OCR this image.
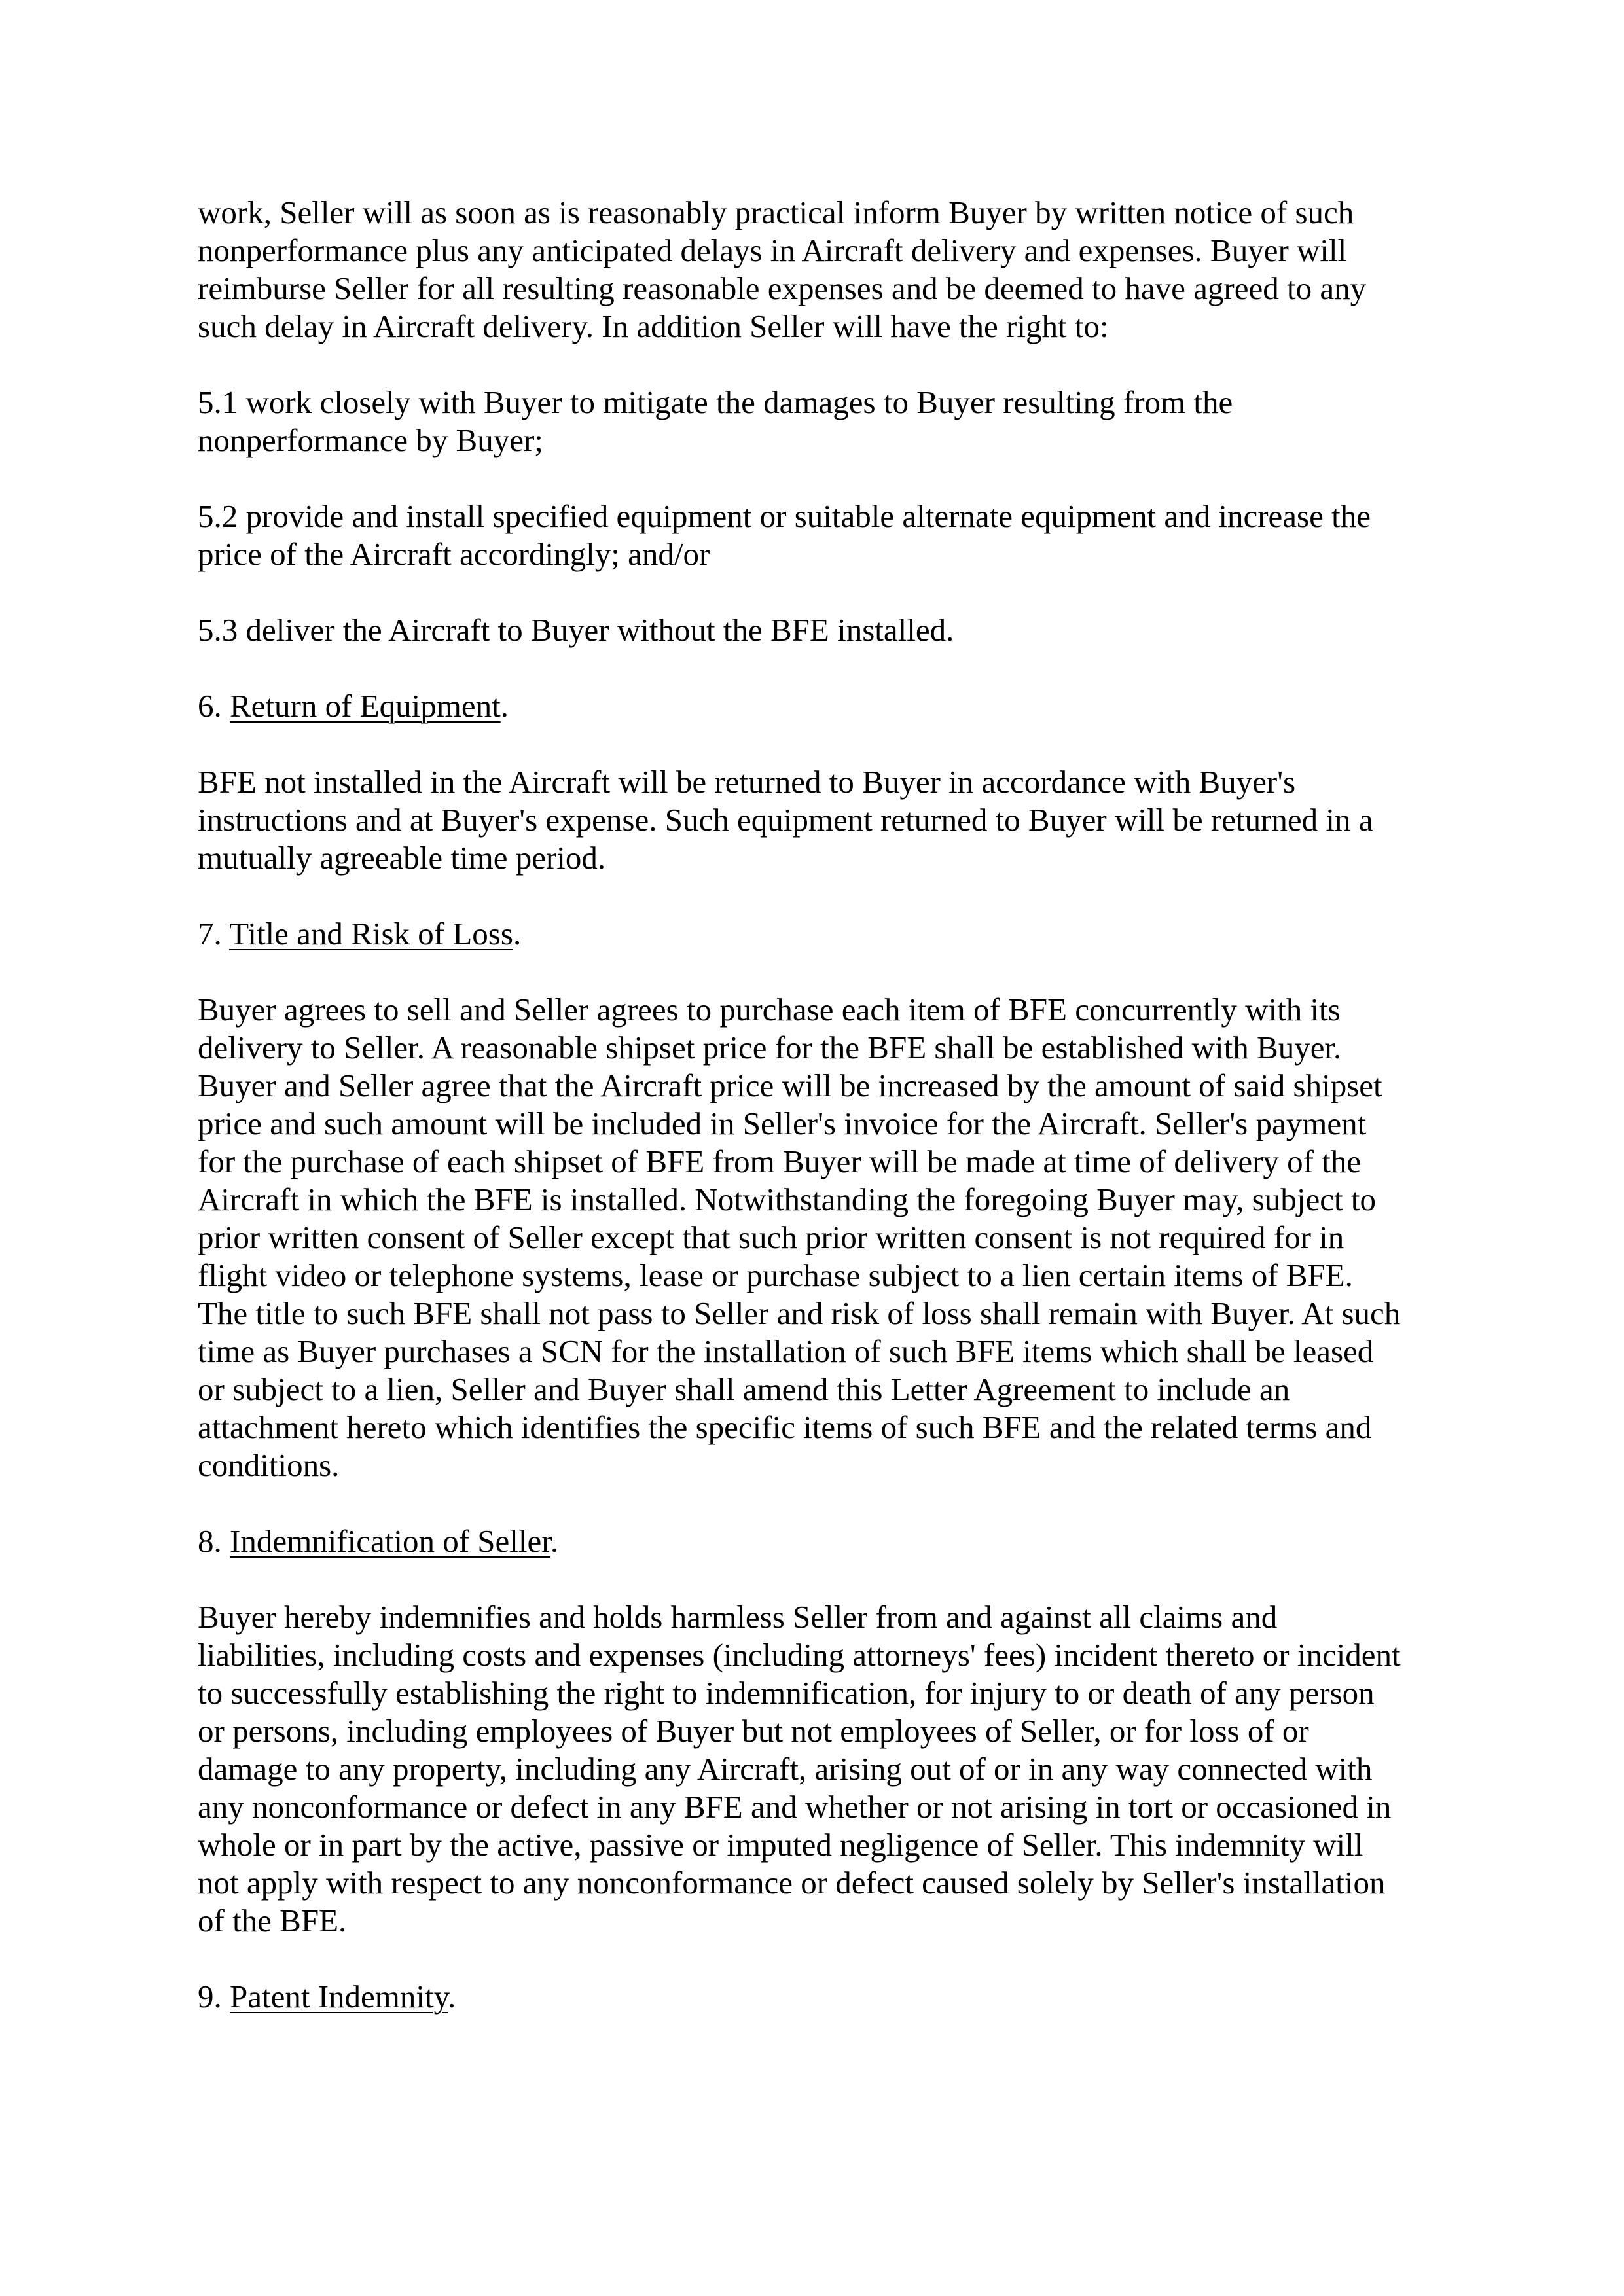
work, Seller will as soon as is reasonably practical inform Buyer by written notice of such
nonperformance plus any anticipated delays in Aircraft delivery and expenses. Buyer will
reimburse Seller for all resulting reasonable expenses and be deemed to have agreed to any
such delay in Aircraft delivery. In addition Seller will have the right to:

5.1 work closely with Buyer to mitigate the damages to Buyer resulting from the
nonperformance by Buyer;

5.2 provide and install specified equipment or suitable alternate equipment and increase the
price of the Aircraft accordingly; and/or

5.3 deliver the Aircraft to Buyer without the BFE installed.

6. Return of Equipment.

BFE not installed in the Aircraft will be returned to Buyer in accordance with Buyer's
instructions and at Buyer's expense. Such equipment returned to Buyer will be returned in a
mutually agreeable time period.

7. Title and Risk of Loss.

Buyer agrees to sell and Seller agrees to purchase each item of BFE concurrently with its
delivery to Seller. A reasonable shipset price for the BFE shall be established with Buyer.
Buyer and Seller agree that the Aircraft price will be increased by the amount of said shipset
price and such amount will be included in Seller's invoice for the Aircraft. Seller's payment
for the purchase of each shipset of BFE from Buyer will be made at time of delivery of the
Aircraft in which the BFE is installed. Notwithstanding the foregoing Buyer may, subject to
prior written consent of Seller except that such prior written consent is not required for in
flight video or telephone systems, lease or purchase subject to a lien certain items of BFE.
The title to such BFE shall not pass to Seller and risk of loss shall remain with Buyer. At such
time as Buyer purchases a SCN for the installation of such BFE items which shall be leased
or subject to a lien, Seller and Buyer shall amend this Letter Agreement to include an
attachment hereto which identifies the specific items of such BFE and the related terms and
conditions.

8. Indemnification of Seller.

Buyer hereby indemnifies and holds harmless Seller from and against all claims and
liabilities, including costs and expenses (including attorneys' fees) incident thereto or incident
to successfully establishing the right to indemnification, for injury to or death of any person
or persons, including employees of Buyer but not employees of Seller, or for loss of or
damage to any property, including any Aircraft, arising out of or in any way connected with
any nonconformance or defect in any BFE and whether or not arising in tort or occasioned in
whole or in part by the active, passive or imputed negligence of Seller. This indemnity will
not apply with respect to any nonconformance or defect caused solely by Seller's installation
of the BFE.

9. Patent Indemnity.
